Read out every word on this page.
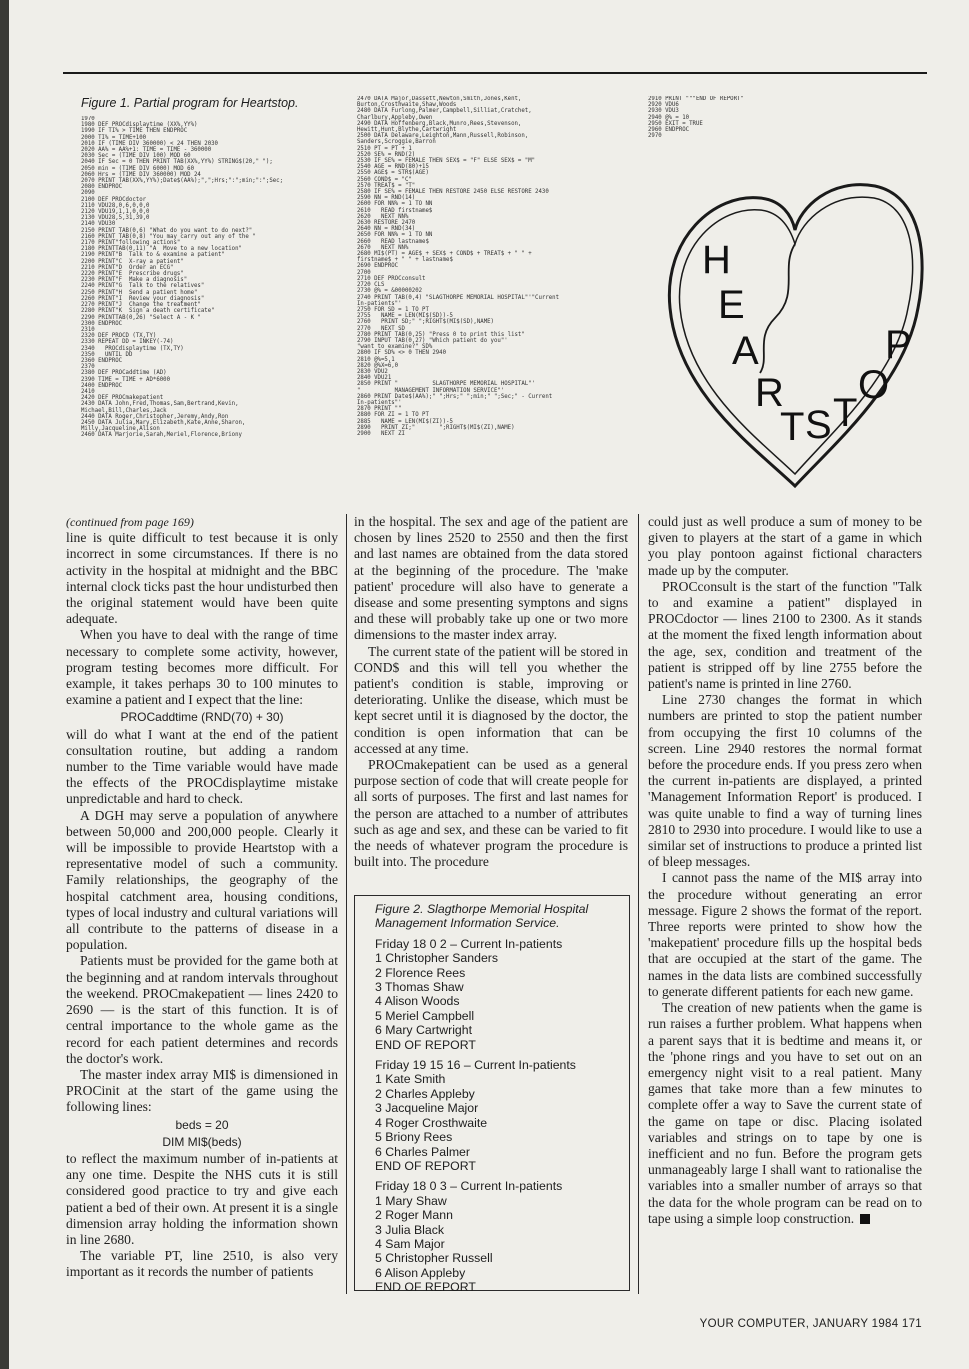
Figure 1. Partial program for Heartstop.
1970
1980 DEF PROCdisplaytime (XX%,YY%)
1990 IF TI% > TIME THEN ENDPROC
2000 TI% = TIME+100
2010 IF (TIME DIV 360000) < 24 THEN 2030
2020 AA% = AA%+1: TIME = TIME - 360000
2030 Sec = (TIME DIV 100) MOD 60
2040 IF Sec = 0 THEN PRINT TAB(XX%,YY%) STRING$(20," ");
2050 min = (TIME DIV 6000) MOD 60
2060 Hrs = (TIME DIV 360000) MOD 24
2070 PRINT TAB(XX%,YY%);Date$(AA%);",";Hrs;":";min;":";Sec;
2080 ENDPROC
2090
2100 DEF PROCdoctor
2110 VDU28,0,6,0,0,0
2120 VDU19,1,1,0,0,0
2130 VDU28,5,31,39,0
2140 VDU30
2150 PRINT TAB(0,6) "What do you want to do next?"
2160 PRINT TAB(0,8) "You may carry out any of the "
2170 PRINT"following actions"
2180 PRINTTAB(0,11) "A  Move to a new location"
2190 PRINT"B  Talk to & examine a patient"
2200 PRINT"C  X-ray a patient"
2210 PRINT"D  Order an ECG"
2220 PRINT"E  Prescribe drugs"
2230 PRINT"F  Make a diagnosis"
2240 PRINT"G  Talk to the relatives"
2250 PRINT"H  Send a patient home"
2260 PRINT"I  Review your diagnosis"
2270 PRINT"J  Change the treatment"
2280 PRINT"K  Sign a death certificate"
2290 PRINTTAB(0,26) "Select A - K "
2300 ENDPROC
2310
2320 DEF PROCD (TX,TY)
2330 REPEAT DD = INKEY(-74)
2340   PROCdisplaytime (TX,TY)
2350   UNTIL DD
2360 ENDPROC
2370
2380 DEF PROCaddtime (AD)
2390 TIME = TIME + AD*6000
2400 ENDPROC
2410
2420 DEF PROCmakepatient
2430 DATA John,Fred,Thomas,Sam,Bertrand,Kevin,
Michael,Bill,Charles,Jack
2440 DATA Roger,Christopher,Jeremy,Andy,Ron
2450 DATA Julia,Mary,Elizabeth,Kate,Anne,Sharon,
Milly,Jacqueline,Alison
2460 DATA Marjorie,Sarah,Meriel,Florence,Briony
2470 DATA Major,Dassett,Newton,Smith,Jones,Kent,
Burton,Crosthwaite,Shaw,Woods
2480 DATA Furlong,Palmer,Campbell,Silliat,Cratchet,
Charlbury,Appleby,Owen
2490 DATA Hoffenberg,Black,Munro,Rees,Stevenson,
Hewitt,Hunt,Blythe,Cartwright
2500 DATA Delaware,Leighton,Mann,Russell,Robinson,
Sanders,Scroggie,Barron
2510 PT = PT + 1
2520 SE% = RND(2)
2530 IF SE% = FEMALE THEN SEX$ = "F" ELSE SEX$ = "M"
2540 AGE = RND(80)+15
2550 AGE$ = STR$(AGE)
2560 COND$ = "C"
2570 TREAT$ = "T"
2580 IF SE% = FEMALE THEN RESTORE 2450 ELSE RESTORE 2430
2590 NN = RND(14)
2600 FOR NN% = 1 TO NN
2610   READ firstname$
2620   NEXT NN%
2630 RESTORE 2470
2640 NN = RND(34)
2650 FOR NN% = 1 TO NN
2660   READ lastname$
2670   NEXT NN%
2680 MI$(PT) = AGE$ + SEX$ + COND$ + TREAT$ + " " +
firstname$ + " " + lastname$
2690 ENDPROC
2700
2710 DEF PROCconsult
2720 CLS
2730 @% = &00000202
2740 PRINT TAB(0,4) "SLAGTHORPE MEMORIAL HOSPITAL"'"Current
In-patients"'
2750 FOR SD = 1 TO PT
2755   NAME = LEN(MI$(SD))-5
2760   PRINT SD;" ";RIGHT$(MI$(SD),NAME)
2770   NEXT SD
2780 PRINT TAB(0,25) "Press 0 to print this list"
2790 INPUT TAB(0,27) "Which patient do you"'
"want to examine?" SD%
2800 IF SD% <> 0 THEN 2940
2810 @%=5,1
2820 @%X=6,0
2830 VDU2
2840 VDU21
2850 PRINT "          SLAGTHORPE MEMORIAL HOSPITAL"'
"          MANAGEMENT INFORMATION SERVICE"'
2860 PRINT Date$(AA%);" ";Hrs;" ";min;" ";Sec;" - Current
In-patients"'
2870 PRINT ""
2880 FOR ZI = 1 TO PT
2885   NAME = LEN(MI$(ZI))-5
2890   PRINT ZI;"       ";RIGHT$(MI$(ZI),NAME)
2900   NEXT ZI
2910 PRINT """END OF REPORT"
2920 VDU6
2930 VDU3
2940 @% = 10
2950 EXIT = TRUE
2960 ENDPROC
2970
H
E
A
R
T S T
O
P

(continued from page 169)

line is quite difficult to test because it is only incorrect in some circumstances. If there is no activity in the hospital at midnight and the BBC internal clock ticks past the hour undisturbed then the original statement would have been quite adequate.

When you have to deal with the range of time necessary to complete some activity, however, program testing becomes more difficult. For example, it takes perhaps 30 to 100 minutes to examine a patient and I expect that the line:

PROCaddtime (RND(70) + 30)

will do what I want at the end of the patient consultation routine, but adding a random number to the Time variable would have made the effects of the PROCdisplaytime mistake unpredictable and hard to check.

A DGH may serve a population of anywhere between 50,000 and 200,000 people. Clearly it will be impossible to provide Heartstop with a representative model of such a community. Family relationships, the geography of the hospital catchment area, housing conditions, types of local industry and cultural variations will all contribute to the patterns of disease in a population.

Patients must be provided for the game both at the beginning and at random intervals throughout the weekend. PROCmakepatient — lines 2420 to 2690 — is the start of this function. It is of central importance to the whole game as the record for each patient determines and records the doctor's work.

The master index array MI$ is dimensioned in PROCinit at the start of the game using the following lines:

beds = 20

DIM MI$(beds)

to reflect the maximum number of in-patients at any one time. Despite the NHS cuts it is still considered good practice to try and give each patient a bed of their own. At present it is a single dimension array holding the information shown in line 2680.

The variable PT, line 2510, is also very important as it records the number of patients

in the hospital. The sex and age of the patient are chosen by lines 2520 to 2550 and then the first and last names are obtained from the data stored at the beginning of the procedure. The 'make patient' procedure will also have to generate a disease and some presenting symptons and signs and these will probably take up one or two more dimensions to the master index array.

The current state of the patient will be stored in COND$ and this will tell you whether the patient's condition is stable, improving or deteriorating. Unlike the disease, which must be kept secret until it is diagnosed by the doctor, the condition is open information that can be accessed at any time.

PROCmakepatient can be used as a general purpose section of code that will create people for all sorts of purposes. The first and last names for the person are attached to a number of attributes such as age and sex, and these can be varied to fit the needs of whatever program the procedure is built into. The procedure

Figure 2. Slagthorpe Memorial Hospital Management Information Service.
Friday 18 0 2 – Current In-patients
1 Christopher Sanders
2 Florence Rees
3 Thomas Shaw
4 Alison Woods
5 Meriel Campbell
6 Mary Cartwright
END OF REPORT
Friday 19 15 16 – Current In-patients
1 Kate Smith
2 Charles Appleby
3 Jacqueline Major
4 Roger Crosthwaite
5 Briony Rees
6 Charles Palmer
END OF REPORT
Friday 18 0 3 – Current In-patients
1 Mary Shaw
2 Roger Mann
3 Julia Black
4 Sam Major
5 Christopher Russell
6 Alison Appleby
END OF REPORT

could just as well produce a sum of money to be given to players at the start of a game in which you play pontoon against fictional characters made up by the computer.

PROCconsult is the start of the function "Talk to and examine a patient" displayed in PROCdoctor — lines 2100 to 2300. As it stands at the moment the fixed length information about the age, sex, condition and treatment of the patient is stripped off by line 2755 before the patient's name is printed in line 2760.

Line 2730 changes the format in which numbers are printed to stop the patient number from occupying the first 10 columns of the screen. Line 2940 restores the normal format before the procedure ends. If you press zero when the current in-patients are displayed, a printed 'Management Information Report' is produced. I was quite unable to find a way of turning lines 2810 to 2930 into procedure. I would like to use a similar set of instructions to produce a printed list of bleep messages.

I cannot pass the name of the MI$ array into the procedure without generating an error message. Figure 2 shows the format of the report. Three reports were printed to show how the 'makepatient' procedure fills up the hospital beds that are occupied at the start of the game. The names in the data lists are combined successfully to generate different patients for each new game.

The creation of new patients when the game is run raises a further problem. What happens when a parent says that it is bedtime and means it, or the 'phone rings and you have to set out on an emergency night visit to a real patient. Many games that take more than a few minutes to complete offer a way to Save the current state of the game on tape or disc. Placing isolated variables and strings on to tape by one is inefficient and no fun. Before the program gets unmanageably large I shall want to rationalise the variables into a smaller number of arrays so that the data for the whole program can be read on to tape using a simple loop construction.

YOUR COMPUTER, JANUARY 1984 171
